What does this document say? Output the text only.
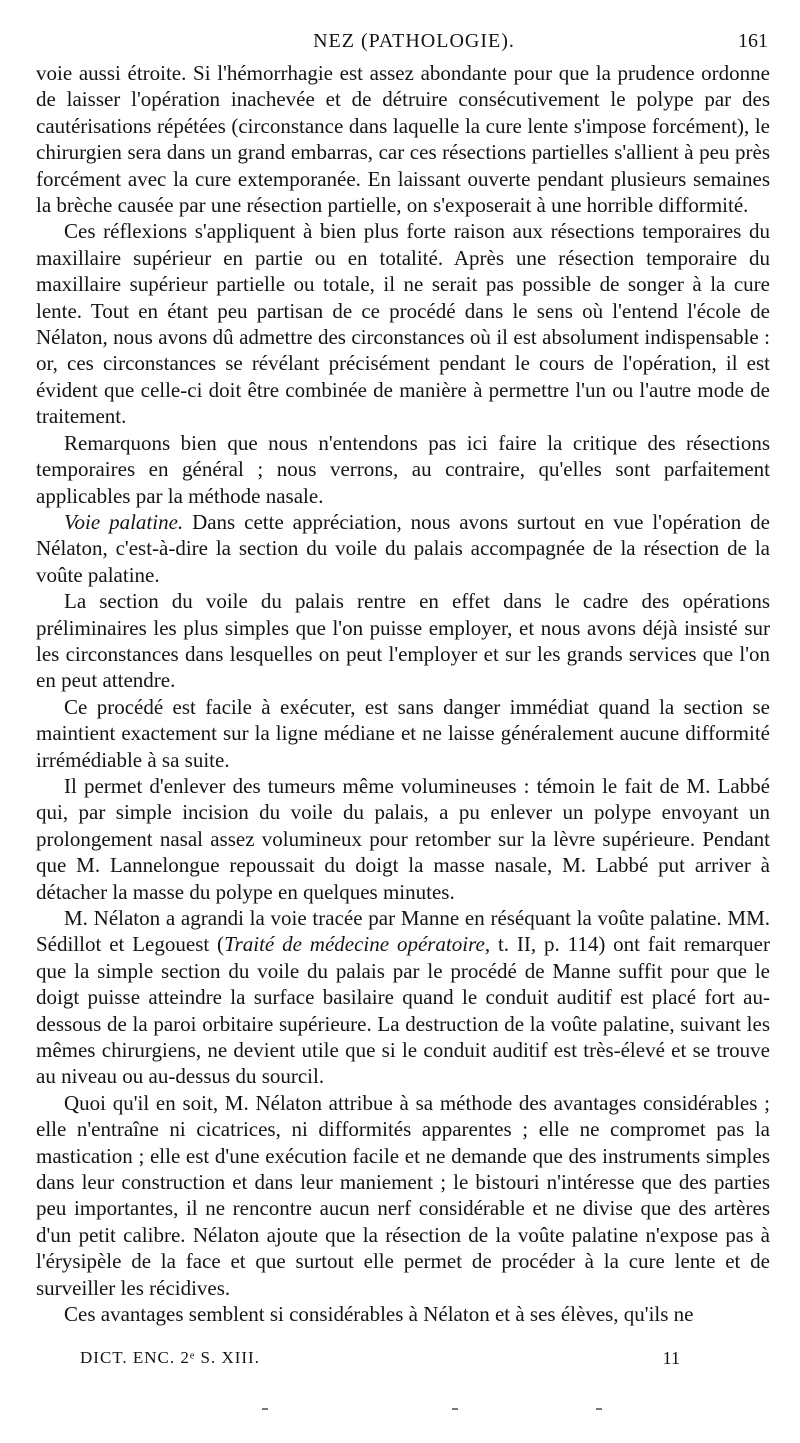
NEZ (PATHOLOGIE).	161

voie aussi étroite. Si l'hémorrhagie est assez abondante pour que la prudence ordonne de laisser l'opération inachevée et de détruire consécutivement le polype par des cautérisations répétées (circonstance dans laquelle la cure lente s'impose forcément), le chirurgien sera dans un grand embarras, car ces résections partielles s'allient à peu près forcément avec la cure extemporanée. En laissant ouverte pendant plusieurs semaines la brèche causée par une résection partielle, on s'exposerait à une horrible difformité.

Ces réflexions s'appliquent à bien plus forte raison aux résections temporaires du maxillaire supérieur en partie ou en totalité. Après une résection temporaire du maxillaire supérieur partielle ou totale, il ne serait pas possible de songer à la cure lente. Tout en étant peu partisan de ce procédé dans le sens où l'entend l'école de Nélaton, nous avons dû admettre des circonstances où il est absolument indispensable : or, ces circonstances se révélant précisément pendant le cours de l'opération, il est évident que celle-ci doit être combinée de manière à permettre l'un ou l'autre mode de traitement.

Remarquons bien que nous n'entendons pas ici faire la critique des résections temporaires en général ; nous verrons, au contraire, qu'elles sont parfaitement applicables par la méthode nasale.

Voie palatine. Dans cette appréciation, nous avons surtout en vue l'opération de Nélaton, c'est-à-dire la section du voile du palais accompagnée de la résection de la voûte palatine.

La section du voile du palais rentre en effet dans le cadre des opérations préliminaires les plus simples que l'on puisse employer, et nous avons déjà insisté sur les circonstances dans lesquelles on peut l'employer et sur les grands services que l'on en peut attendre.

Ce procédé est facile à exécuter, est sans danger immédiat quand la section se maintient exactement sur la ligne médiane et ne laisse généralement aucune difformité irrémédiable à sa suite.

Il permet d'enlever des tumeurs même volumineuses : témoin le fait de M. Labbé qui, par simple incision du voile du palais, a pu enlever un polype envoyant un prolongement nasal assez volumineux pour retomber sur la lèvre supérieure. Pendant que M. Lannelongue repoussait du doigt la masse nasale, M. Labbé put arriver à détacher la masse du polype en quelques minutes.

M. Nélaton a agrandi la voie tracée par Manne en réséquant la voûte palatine. MM. Sédillot et Legouest (Traité de médecine opératoire, t. II, p. 114) ont fait remarquer que la simple section du voile du palais par le procédé de Manne suffit pour que le doigt puisse atteindre la surface basilaire quand le conduit auditif est placé fort au-dessous de la paroi orbitaire supérieure. La destruction de la voûte palatine, suivant les mêmes chirurgiens, ne devient utile que si le conduit auditif est très-élevé et se trouve au niveau ou au-dessus du sourcil.

Quoi qu'il en soit, M. Nélaton attribue à sa méthode des avantages considérables ; elle n'entraîne ni cicatrices, ni difformités apparentes ; elle ne compromet pas la mastication ; elle est d'une exécution facile et ne demande que des instruments simples dans leur construction et dans leur maniement ; le bistouri n'intéresse que des parties peu importantes, il ne rencontre aucun nerf considérable et ne divise que des artères d'un petit calibre. Nélaton ajoute que la résection de la voûte palatine n'expose pas à l'érysipèle de la face et que surtout elle permet de procéder à la cure lente et de surveiller les récidives.

Ces avantages semblent si considérables à Nélaton et à ses élèves, qu'ils ne

DICT. ENC. 2ᵉ S. XIII.	11
